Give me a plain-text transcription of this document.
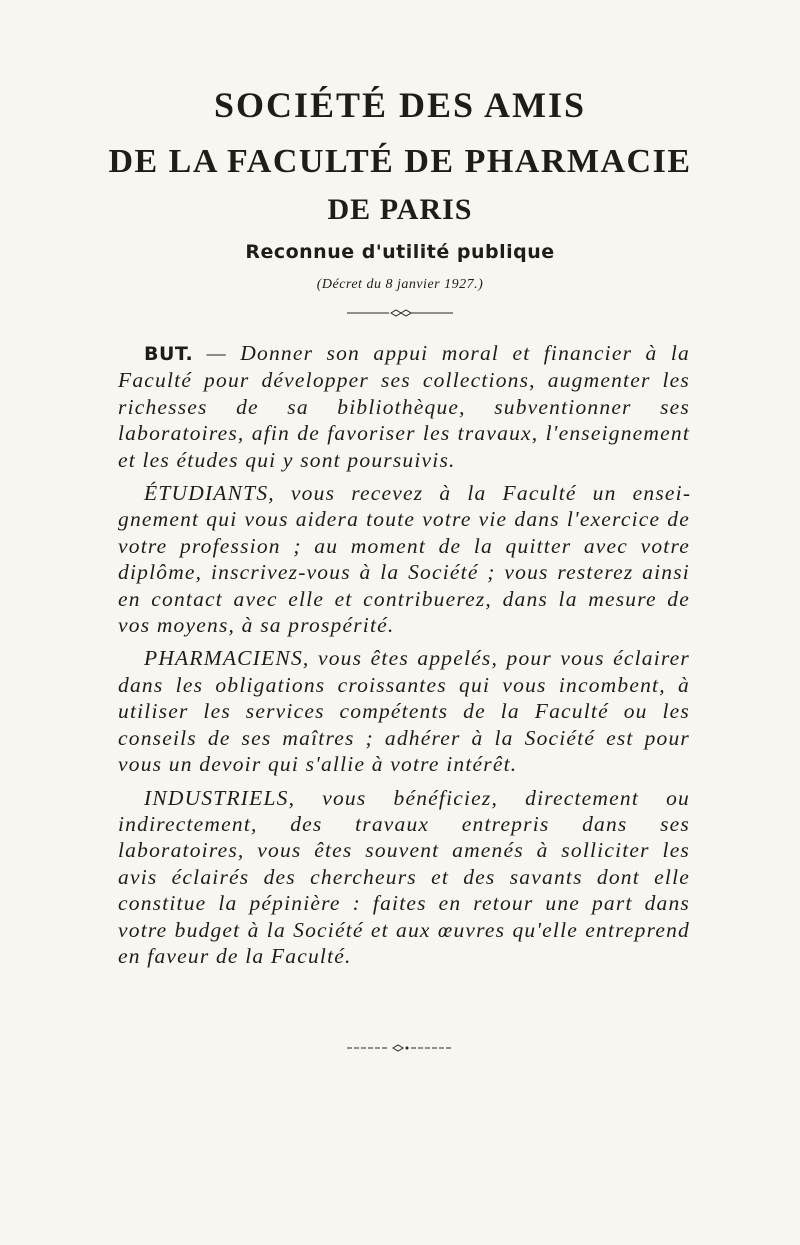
SOCIÉTÉ DES AMIS
DE LA FACULTÉ DE PHARMACIE
DE PARIS
Reconnue d'utilité publique
(Décret du 8 janvier 1927.)

BUT. — Donner son appui moral et financier à la Faculté pour développer ses collections, augmenter les richesses de sa bibliothèque, subventionner ses laboratoires, afin de favoriser les travaux, l'enseignement et les études qui y sont poursuivis.

ÉTUDIANTS, vous recevez à la Faculté un enseignement qui vous aidera toute votre vie dans l'exercice de votre profession ; au moment de la quitter avec votre diplôme, inscrivez-vous à la Société ; vous resterez ainsi en contact avec elle et contribuerez, dans la mesure de vos moyens, à sa prospérité.

PHARMACIENS, vous êtes appelés, pour vous éclairer dans les obligations croissantes qui vous incombent, à utiliser les services compétents de la Faculté ou les conseils de ses maîtres ; adhérer à la Société est pour vous un devoir qui s'allie à votre intérêt.

INDUSTRIELS, vous bénéficiez, directement ou indirectement, des travaux entrepris dans ses laboratoires, vous êtes souvent amenés à solliciter les avis éclairés des chercheurs et des savants dont elle constitue la pépinière : faites en retour une part dans votre budget à la Société et aux œuvres qu'elle entreprend en faveur de la Faculté.
